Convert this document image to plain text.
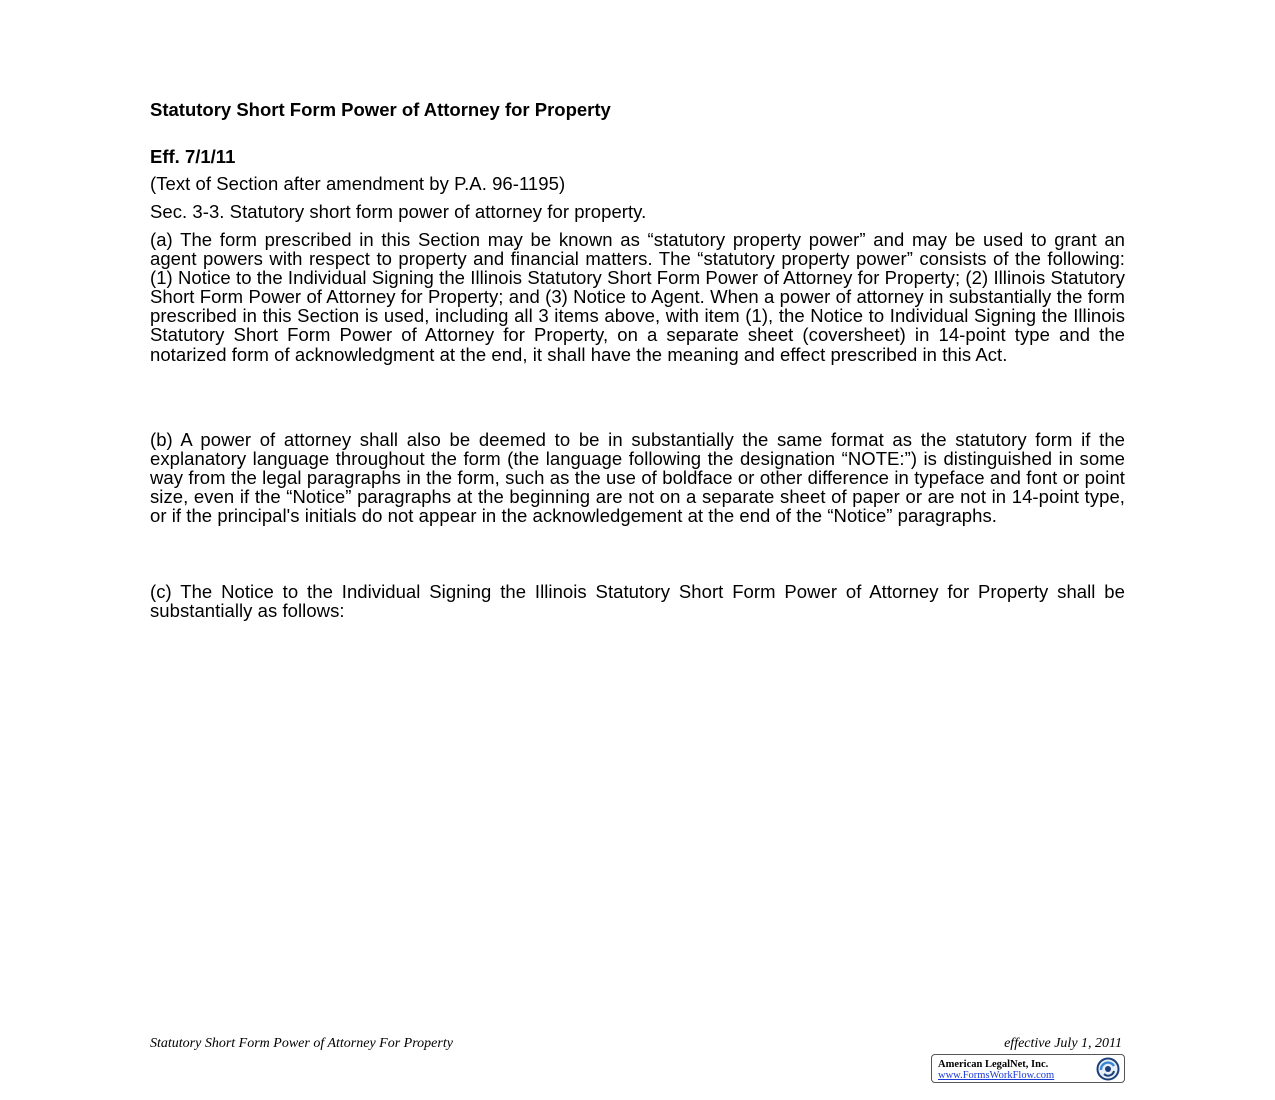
Statutory Short Form Power of Attorney for Property
Eff. 7/1/11
(Text of Section after amendment by P.A. 96-1195)
Sec. 3-3. Statutory short form power of attorney for property.
(a) The form prescribed in this Section may be known as “statutory property power” and may be used to grant an agent powers with respect to property and financial matters. The “statutory property power” consists of the following: (1) Notice to the Individual Signing the Illinois Statutory Short Form Power of Attorney for Property; (2) Illinois Statutory Short Form Power of Attorney for Property; and (3) Notice to Agent. When a power of attorney in substantially the form prescribed in this Section is used, including all 3 items above, with item (1), the Notice to Individual Signing the Illinois Statutory Short Form Power of Attorney for Property, on a separate sheet (coversheet) in 14-point type and the notarized form of acknowledgment at the end, it shall have the meaning and effect prescribed in this Act.
(b) A power of attorney shall also be deemed to be in substantially the same format as the statutory form if the explanatory language throughout the form (the language following the designation “NOTE:”) is distinguished in some way from the legal paragraphs in the form, such as the use of boldface or other difference in typeface and font or point size, even if the “Notice” paragraphs at the beginning are not on a separate sheet of paper or are not in 14-point type, or if the principal's initials do not appear in the acknowledgement at the end of the “Notice” paragraphs.
(c) The Notice to the Individual Signing the Illinois Statutory Short Form Power of Attorney for Property shall be substantially as follows:
Statutory Short Form Power of Attorney For Property	effective July 1, 2011
American LegalNet, Inc.
www.FormsWorkFlow.com
